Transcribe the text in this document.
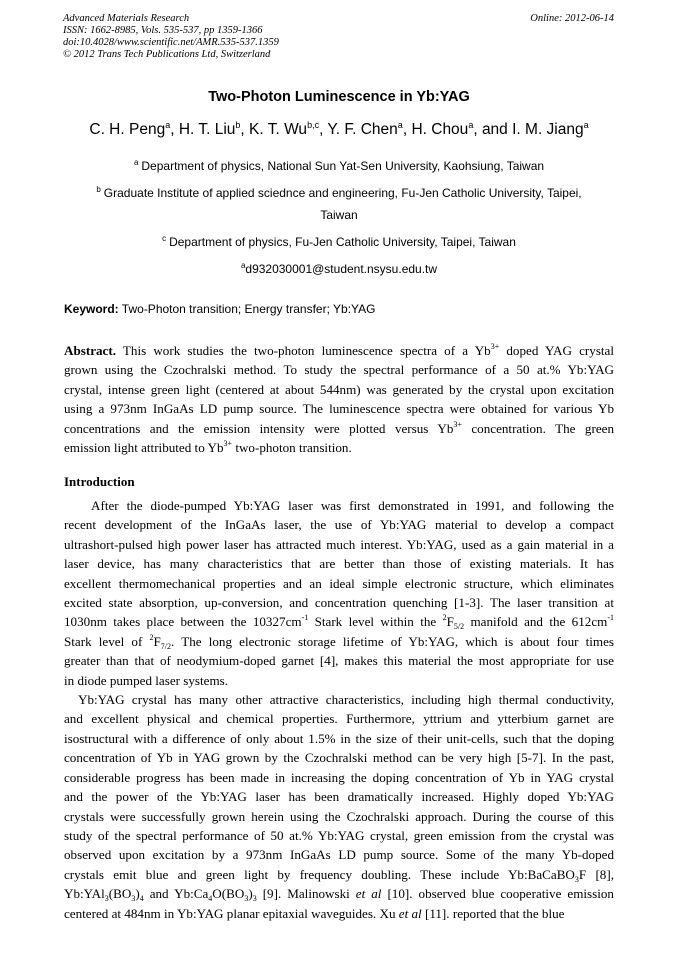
Advanced Materials Research
ISSN: 1662-8985, Vols. 535-537, pp 1359-1366
doi:10.4028/www.scientific.net/AMR.535-537.1359
© 2012 Trans Tech Publications Ltd, Switzerland
Online: 2012-06-14
Two-Photon Luminescence in Yb:YAG
C. H. Peng$^a$, H. T. Liu$^b$, K. T. Wu$^{b,c}$, Y. F. Chen$^a$, H. Chou$^a$, and I. M. Jiang$^a$
$^a$ Department of physics, National Sun Yat-Sen University, Kaohsiung, Taiwan
$^b$ Graduate Institute of applied sciednce and engineering, Fu-Jen Catholic University, Taipei,
Taiwan
$^c$ Department of physics, Fu-Jen Catholic University, Taipei, Taiwan
$^a$d932030001@student.nsysu.edu.tw
Keyword: Two-Photon transition; Energy transfer; Yb:YAG
Abstract. This work studies the two-photon luminescence spectra of a $Yb^{3+}$ doped YAG crystal
grown using the Czochralski method. To study the spectral performance of a 50 at.% Yb:YAG
crystal, intense green light (centered at about 544nm) was generated by the crystal upon excitation
using a 973nm InGaAs LD pump source. The luminescence spectra were obtained for various Yb
concentrations and the emission intensity were plotted versus $Yb^{3+}$ concentration. The green
emission light attributed to $Yb^{3+}$ two-photon transition.
Introduction
After the diode-pumped Yb:YAG laser was first demonstrated in 1991, and following the
recent development of the InGaAs laser, the use of Yb:YAG material to develop a compact
ultrashort-pulsed high power laser has attracted much interest. Yb:YAG, used as a gain material in a
laser device, has many characteristics that are better than those of existing materials. It has
excellent thermomechanical properties and an ideal simple electronic structure, which eliminates
excited state absorption, up-conversion, and concentration quenching [1-3]. The laser transition at
1030nm takes place between the $10327cm^{-1}$ Stark level within the $^2F_{5/2}$ manifold and the $612cm^{-1}$
Stark level of $^2F_{7/2}$. The long electronic storage lifetime of Yb:YAG, which is about four times
greater than that of neodymium-doped garnet [4], makes this material the most appropriate for use
in diode pumped laser systems.
Yb:YAG crystal has many other attractive characteristics, including high thermal conductivity,
and excellent physical and chemical properties. Furthermore, yttrium and ytterbium garnet are
isostructural with a difference of only about 1.5% in the size of their unit-cells, such that the doping
concentration of Yb in YAG grown by the Czochralski method can be very high [5-7]. In the past,
considerable progress has been made in increasing the doping concentration of Yb in YAG crystal
and the power of the Yb:YAG laser has been dramatically increased. Highly doped Yb:YAG
crystals were successfully grown herein using the Czochralski approach. During the course of this
study of the spectral performance of 50 at.% Yb:YAG crystal, green emission from the crystal was
observed upon excitation by a 973nm InGaAs LD pump source. Some of the many Yb-doped
crystals emit blue and green light by frequency doubling. These include Yb:BaCaBO$_3$F [8],
$Yb:YAl_3(BO_3)_4$ and $Yb:Ca_4O(BO_3)_3$ [9]. Malinowski et al [10]. observed blue cooperative emission
centered at 484nm in Yb:YAG planar epitaxial waveguides. Xu et al [11]. reported that the blue
